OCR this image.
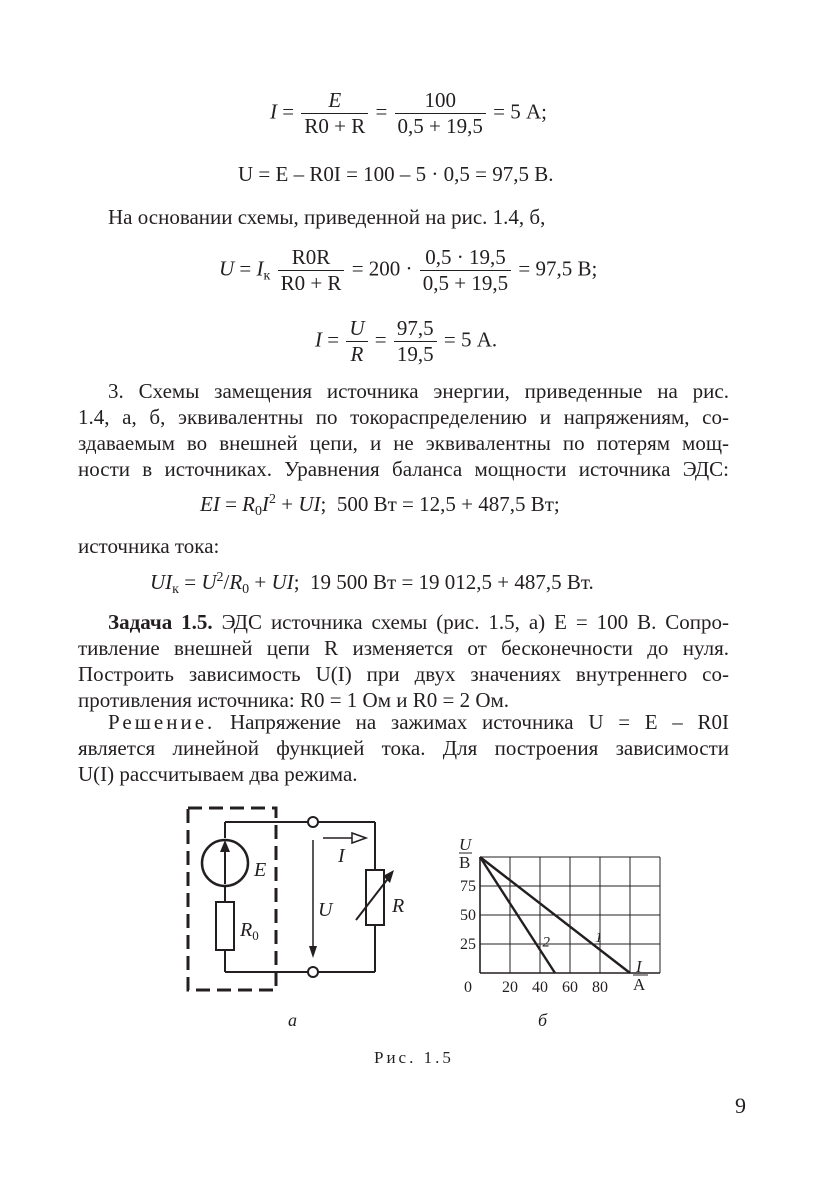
$I = \frac{E}{R0 + R} = \frac{100}{0,5 + 19,5} = 5$ А;
U = E – R0I = 100 – 5 · 0,5 = 97,5 В.

На основании схемы, приведенной на рис. 1.4, б,

$U = I_к \frac{R0R}{R0 + R} = 200 \cdot \frac{0,5 \cdot 19,5}{0,5 + 19,5} = 97,5$ В;
$I = \frac{U}{R} = \frac{97,5}{19,5} = 5$ А.

3. Схемы замещения источника энергии, приведенные на рис.

1.4, а, б, эквивалентны по токораспределению и напряжениям, со-

здаваемым во внешней цепи, и не эквивалентны по потерям мощ-

ности в источниках. Уравнения баланса мощности источника ЭДС:

EI = $R_0I^2$ + UI;  500 Вт = 12,5 + 487,5 Вт;

источника тока:

$UI_к = U^2/R_0$ + UI;  19 500 Вт = 19 012,5 + 487,5 Вт.

Задача 1.5. ЭДС источника схемы (рис. 1.5, а) E = 100 В. Сопро-

тивление внешней цепи R изменяется от бесконечности до нуля.

Построить зависимость U(I) при двух значениях внутреннего со-

противления источника: R0 = 1 Ом и R0 = 2 Ом.

Решение. Напряжение на зажимах источника U = E – R0I

является линейной функцией тока. Для построения зависимости

U(I) рассчитываем два режима.

E
$R_0$
R
I
U
а
1
2
0 20 40 60 80
25
50
75
U
В
I
А
б
Рис. 1.5
9
